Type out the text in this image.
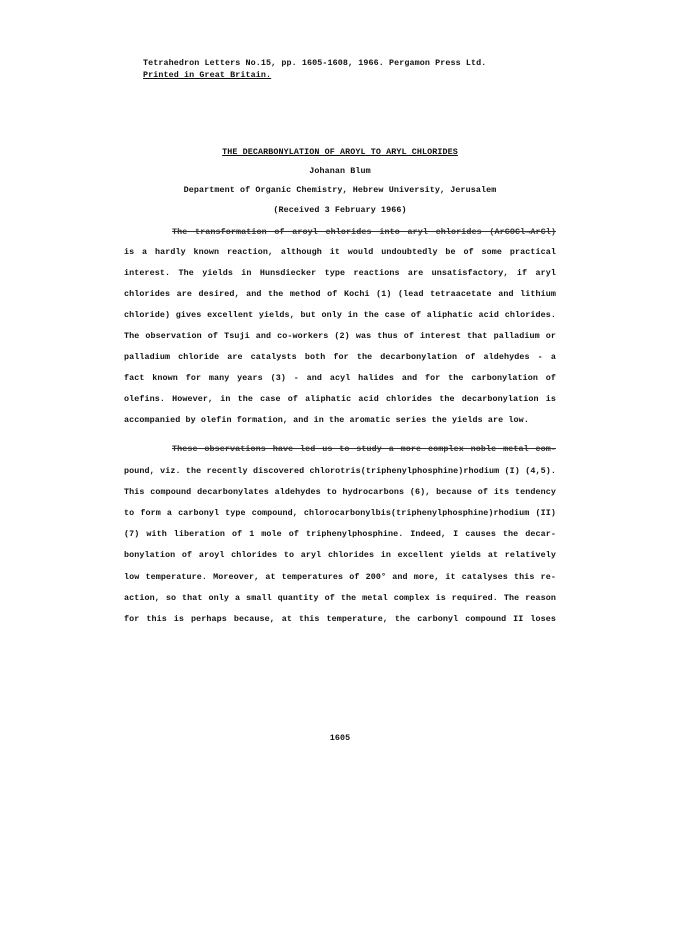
Tetrahedron Letters No.15, pp. 1605-1608, 1966. Pergamon Press Ltd.
Printed in Great Britain.
THE DECARBONYLATION OF AROYL TO ARYL CHLORIDES
Johanan Blum
Department of Organic Chemistry, Hebrew University, Jerusalem
(Received 3 February 1966)
The transformation of aroyl chlorides into aryl chlorides (ArCOCl→ArCl)
is a hardly known reaction, although it would undoubtedly be of some practical
interest. The yields in Hunsdiecker type reactions are unsatisfactory, if aryl
chlorides are desired, and the method of Kochi (1) (lead tetraacetate and lithium
chloride) gives excellent yields, but only in the case of aliphatic acid chlorides.
The observation of Tsuji and co-workers (2) was thus of interest that palladium or
palladium chloride are catalysts both for the decarbonylation of aldehydes - a
fact known for many years (3) - and acyl halides and for the carbonylation of
olefins. However, in the case of aliphatic acid chlorides the decarbonylation is
accompanied by olefin formation, and in the aromatic series the yields are low.
These observations have led us to study a more complex noble metal com-
pound, viz. the recently discovered chlorotris(triphenylphosphine)rhodium (I) (4,5).
This compound decarbonylates aldehydes to hydrocarbons (6), because of its tendency
to form a carbonyl type compound, chlorocarbonylbis(triphenylphosphine)rhodium (II)
(7) with liberation of 1 mole of triphenylphosphine. Indeed, I causes the decar-
bonylation of aroyl chlorides to aryl chlorides in excellent yields at relatively
low temperature. Moreover, at temperatures of 200° and more, it catalyses this re-
action, so that only a small quantity of the metal complex is required. The reason
for this is perhaps because, at this temperature, the carbonyl compound II loses
1605
